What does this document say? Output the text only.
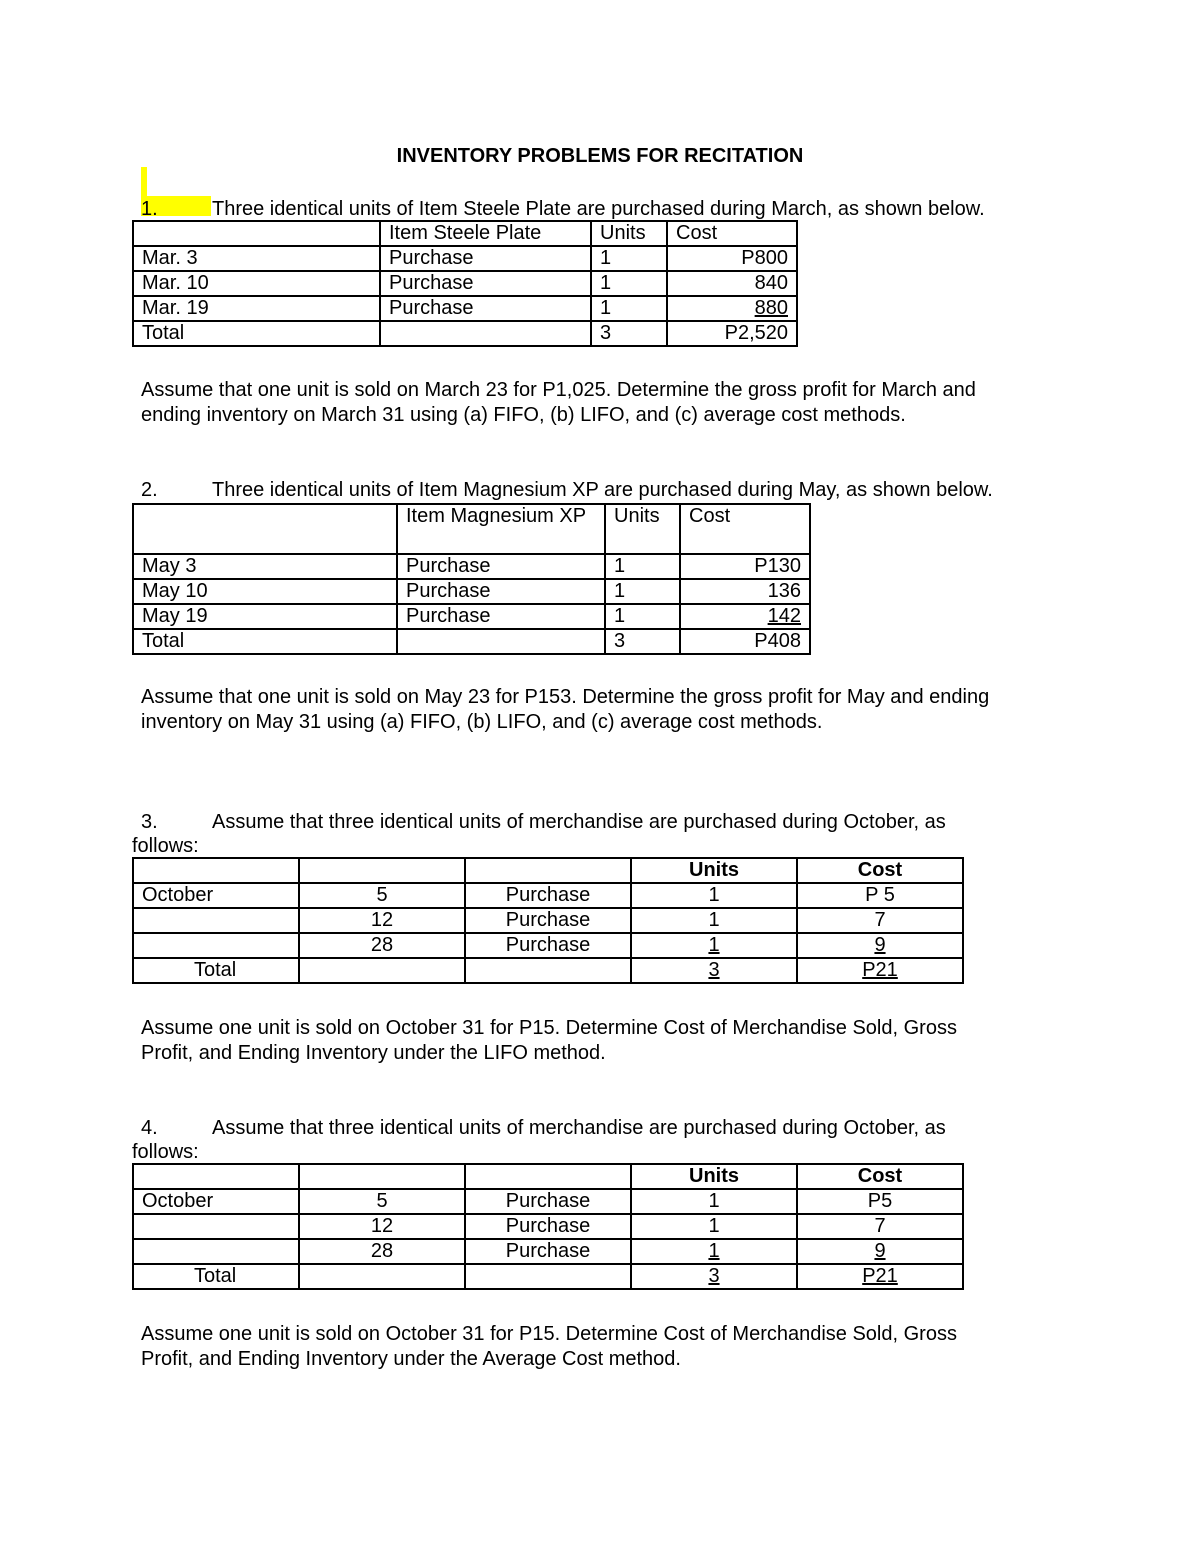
INVENTORY PROBLEMS FOR RECITATION
1.	Three identical units of Item Steele Plate are purchased during March, as shown below.
	Item Steele Plate	Units	Cost
Mar. 3	Purchase	1	P800
Mar. 10	Purchase	1	840
Mar. 19	Purchase	1	880
Total		3	P2,520
Assume that one unit is sold on March 23 for P1,025. Determine the gross profit for March and
ending inventory on March 31 using (a) FIFO, (b) LIFO, and (c) average cost methods.
2.	Three identical units of Item Magnesium XP are purchased during May, as shown below.
	Item Magnesium XP	Units	Cost
May 3	Purchase	1	P130
May 10	Purchase	1	136
May 19	Purchase	1	142
Total		3	P408
Assume that one unit is sold on May 23 for P153. Determine the gross profit for May and ending
inventory on May 31 using (a) FIFO, (b) LIFO, and (c) average cost methods.
3.	Assume that three identical units of merchandise are purchased during October, as
follows:
			Units	Cost
October	5	Purchase	1	P 5
	12	Purchase	1	7
	28	Purchase	1	9
Total			3	P21
Assume one unit is sold on October 31 for P15. Determine Cost of Merchandise Sold, Gross
Profit, and Ending Inventory under the LIFO method.
4.	Assume that three identical units of merchandise are purchased during October, as
follows:
			Units	Cost
October	5	Purchase	1	P5
	12	Purchase	1	7
	28	Purchase	1	9
Total			3	P21
Assume one unit is sold on October 31 for P15. Determine Cost of Merchandise Sold, Gross
Profit, and Ending Inventory under the Average Cost method.
